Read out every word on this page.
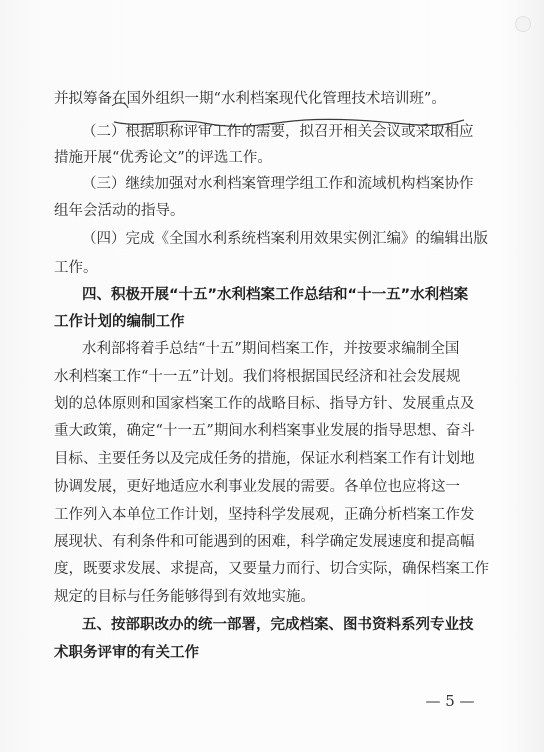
并拟筹备在国外组织一期“水利档案现代化管理技术培训班”。
（二）根据职称评审工作的需要，拟召开相关会议或采取相应
措施开展“优秀论文”的评选工作。
（三）继续加强对水利档案管理学组工作和流域机构档案协作
组年会活动的指导。
（四）完成《全国水利系统档案利用效果实例汇编》的编辑出版
工作。
四、积极开展“十五”水利档案工作总结和“十一五”水利档案
工作计划的编制工作
水利部将着手总结“十五”期间档案工作，并按要求编制全国
水利档案工作“十一五”计划。我们将根据国民经济和社会发展规
划的总体原则和国家档案工作的战略目标、指导方针、发展重点及
重大政策，确定“十一五”期间水利档案事业发展的指导思想、奋斗
目标、主要任务以及完成任务的措施，保证水利档案工作有计划地
协调发展，更好地适应水利事业发展的需要。各单位也应将这一
工作列入本单位工作计划，坚持科学发展观，正确分析档案工作发
展现状、有利条件和可能遇到的困难，科学确定发展速度和提高幅
度，既要求发展、求提高，又要量力而行、切合实际，确保档案工作
规定的目标与任务能够得到有效地实施。
五、按部职改办的统一部署，完成档案、图书资料系列专业技
术职务评审的有关工作
— 5 —
